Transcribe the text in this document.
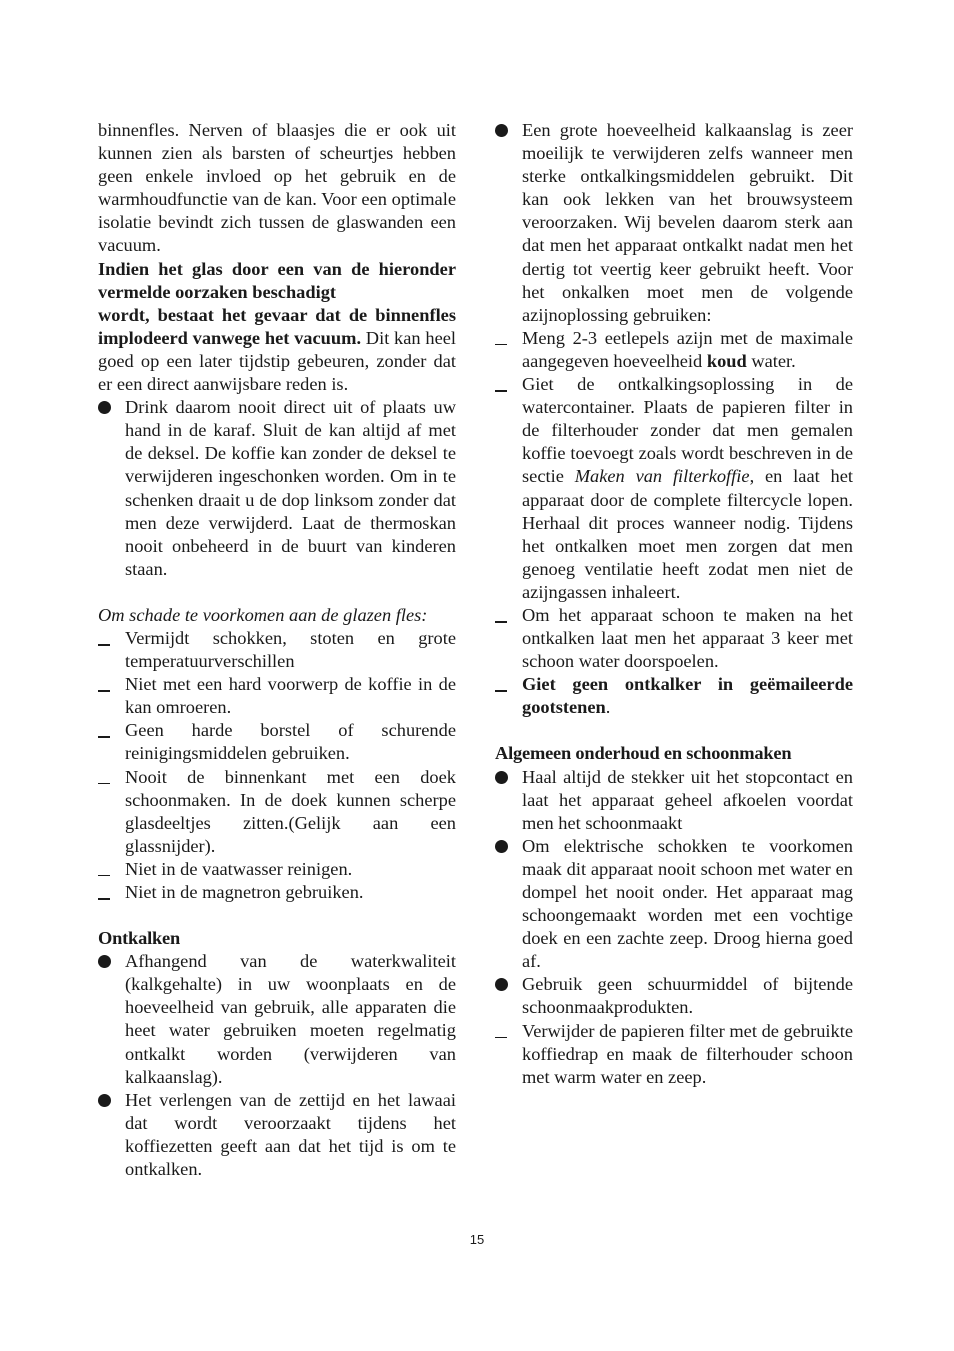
binnenfles. Nerven of blaasjes die er ook uit kunnen zien als barsten of scheurtjes hebben geen enkele invloed op het gebruik en de warmhoudfunctie van de kan. Voor een optimale isolatie bevindt zich tussen de glaswanden een vacuum.

Indien het glas door een van de hieronder vermelde oorzaken beschadigt

wordt, bestaat het gevaar dat de binnenfles implodeerd vanwege het vacuum. Dit kan heel goed op een later tijdstip gebeuren, zonder dat er een direct aanwijsbare reden is.

Drink daarom nooit direct uit of plaats uw hand in de karaf. Sluit de kan altijd af met de deksel. De koffie kan zonder de deksel te verwijderen ingeschonken worden. Om in te schenken draait u de dop linksom zonder dat men deze verwijderd. Laat de thermoskan nooit onbeheerd in de buurt van kinderen staan.

Om schade te voorkomen aan de glazen fles:

Vermijdt schokken, stoten en grote temperatuurverschillen
Niet met een hard voorwerp de koffie in de kan omroeren.
Geen harde borstel of schurende reinigingsmiddelen gebruiken.
Nooit de binnenkant met een doek schoonmaken. In de doek kunnen scherpe glasdeeltjes zitten.(Gelijk aan een glassnijder).
Niet in de vaatwasser reinigen.
Niet in de magnetron gebruiken.

Ontkalken

Afhangend van de waterkwaliteit (kalkgehalte) in uw woonplaats en de hoeveelheid van gebruik, alle apparaten die heet water gebruiken moeten regelmatig ontkalkt worden (verwijderen van kalkaanslag).
Het verlengen van de zettijd en het lawaai dat wordt veroorzaakt tijdens het koffiezetten geeft aan dat het tijd is om te ontkalken.
Een grote hoeveelheid kalkaanslag is zeer moeilijk te verwijderen zelfs wanneer men sterke ontkalkingsmiddelen gebruikt. Dit kan ook lekken van het brouwsysteem veroorzaken. Wij bevelen daarom sterk aan dat men het apparaat ontkalkt nadat men het dertig tot veertig keer gebruikt heeft. Voor het onkalken moet men de volgende azijnoplossing gebruiken:
Meng 2-3 eetlepels azijn met de maximale aangegeven hoeveelheid koud water.
Giet de ontkalkingsoplossing in de watercontainer. Plaats de papieren filter in de filterhouder zonder dat men gemalen koffie toevoegt zoals wordt beschreven in de sectie Maken van filterkoffie, en laat het apparaat door de complete filtercycle lopen. Herhaal dit proces wanneer nodig. Tijdens het ontkalken moet men zorgen dat men genoeg ventilatie heeft zodat men niet de azijngassen inhaleert.
Om het apparaat schoon te maken na het ontkalken laat men het apparaat 3 keer met schoon water doorspoelen.
Giet geen ontkalker in geëmaileerde gootstenen.

Algemeen onderhoud en schoonmaken

Haal altijd de stekker uit het stopcontact en laat het apparaat geheel afkoelen voordat men het schoonmaakt
Om elektrische schokken te voorkomen maak dit apparaat nooit schoon met water en dompel het nooit onder. Het apparaat mag schoongemaakt worden met een vochtige doek en een zachte zeep. Droog hierna goed af.
Gebruik geen schuurmiddel of bijtende schoonmaakprodukten.
Verwijder de papieren filter met de gebruikte koffiedrap en maak de filterhouder schoon met warm water en zeep.
15
